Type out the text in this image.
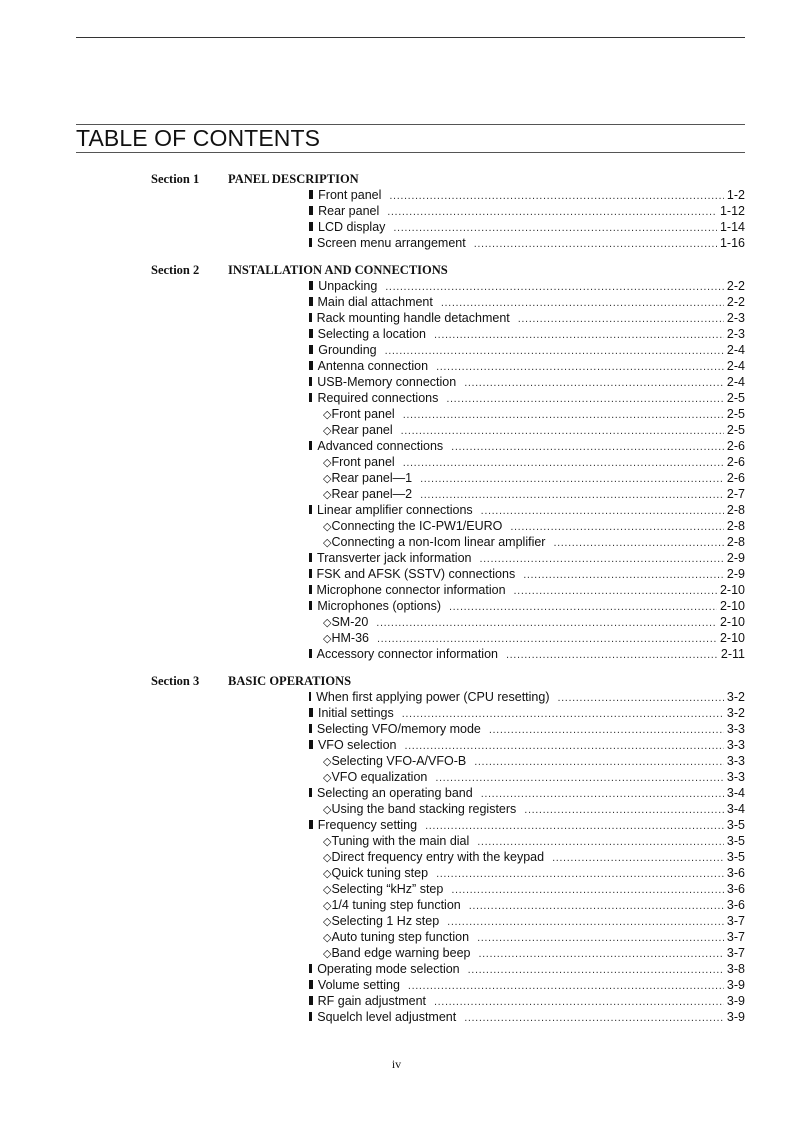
TABLE OF CONTENTS
Section 1 PANEL DESCRIPTION
Front panel .....	1-2
Rear panel .....	1-12
LCD display .....	1-14
Screen menu arrangement .....	1-16
Section 2 INSTALLATION AND CONNECTIONS
Unpacking .....	2-2
Main dial attachment .....	2-2
Rack mounting handle detachment .....	2-3
Selecting a location .....	2-3
Grounding .....	2-4
Antenna connection .....	2-4
USB-Memory connection .....	2-4
Required connections .....	2-5
◇ Front panel .....	2-5
◇ Rear panel .....	2-5
Advanced connections .....	2-6
◇ Front panel .....	2-6
◇ Rear panel—1 .....	2-6
◇ Rear panel—2 .....	2-7
Linear amplifier connections .....	2-8
◇ Connecting the IC-PW1/EURO .....	2-8
◇ Connecting a non-Icom linear amplifier .....	2-8
Transverter jack information .....	2-9
FSK and AFSK (SSTV) connections .....	2-9
Microphone connector information .....	2-10
Microphones (options) .....	2-10
◇ SM-20 .....	2-10
◇ HM-36 .....	2-10
Accessory connector information .....	2-11
Section 3 BASIC OPERATIONS
When first applying power (CPU resetting) .....	3-2
Initial settings .....	3-2
Selecting VFO/memory mode .....	3-3
VFO selection .....	3-3
◇ Selecting VFO-A/VFO-B .....	3-3
◇ VFO equalization .....	3-3
Selecting an operating band .....	3-4
◇ Using the band stacking registers .....	3-4
Frequency setting .....	3-5
◇ Tuning with the main dial .....	3-5
◇ Direct frequency entry with the keypad .....	3-5
◇ Quick tuning step .....	3-6
◇ Selecting “kHz” step .....	3-6
◇ 1/4 tuning step function .....	3-6
◇ Selecting 1 Hz step .....	3-7
◇ Auto tuning step function .....	3-7
◇ Band edge warning beep .....	3-7
Operating mode selection .....	3-8
Volume setting .....	3-9
RF gain adjustment .....	3-9
Squelch level adjustment .....	3-9
iv
